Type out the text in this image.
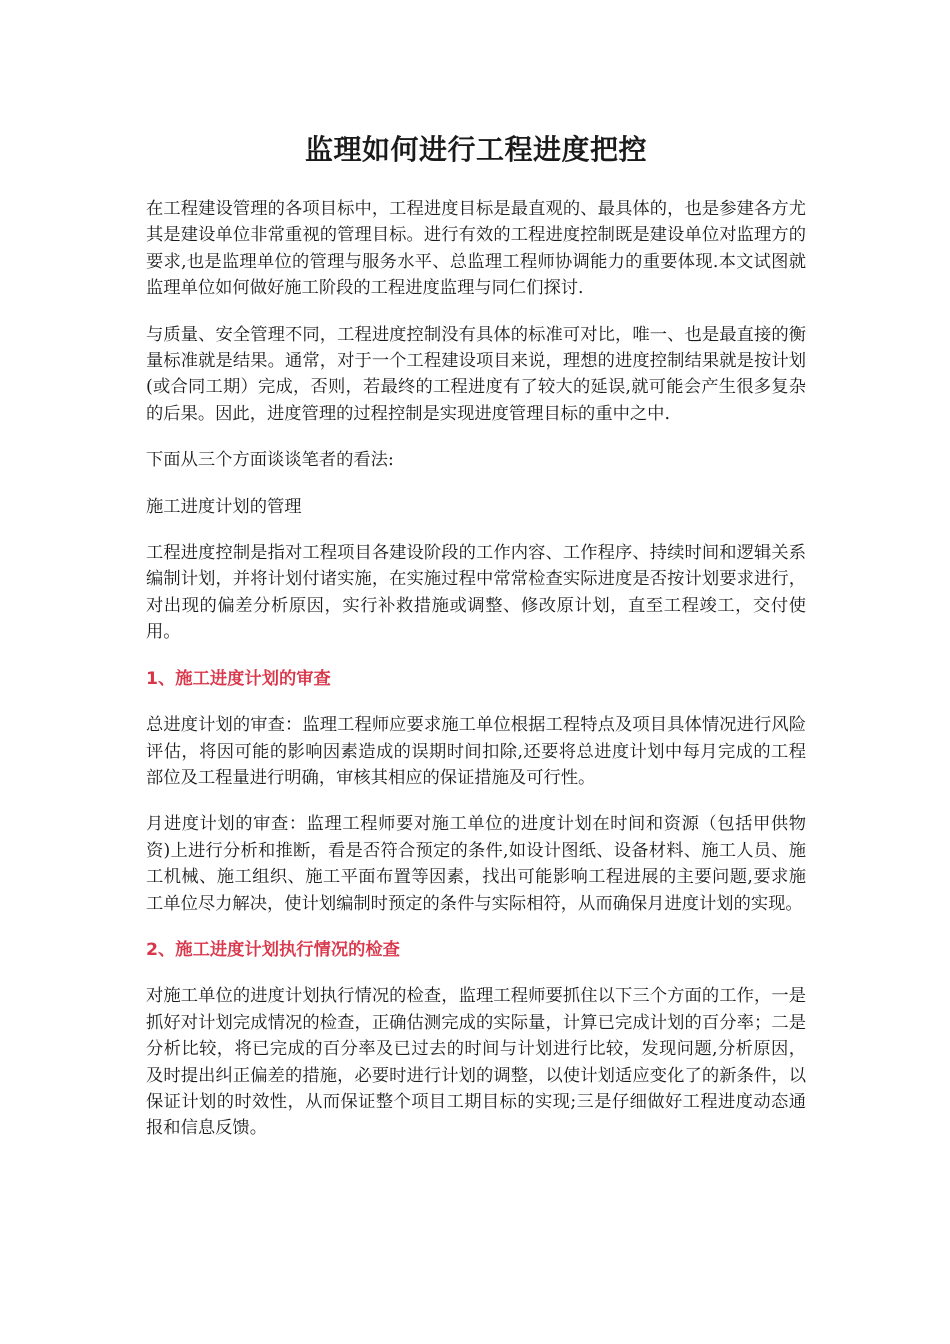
监理如何进行工程进度把控

在工程建设管理的各项目标中，工程进度目标是最直观的、最具体的，也是参建各方尤其是建设单位非常重视的管理目标。进行有效的工程进度控制既是建设单位对监理方的要求,也是监理单位的管理与服务水平、总监理工程师协调能力的重要体现.本文试图就监理单位如何做好施工阶段的工程进度监理与同仁们探讨.

与质量、安全管理不同，工程进度控制没有具体的标准可对比，唯一、也是最直接的衡量标准就是结果。通常，对于一个工程建设项目来说，理想的进度控制结果就是按计划(或合同工期）完成，否则，若最终的工程进度有了较大的延误,就可能会产生很多复杂的后果。因此，进度管理的过程控制是实现进度管理目标的重中之中.

下面从三个方面谈谈笔者的看法:

施工进度计划的管理

工程进度控制是指对工程项目各建设阶段的工作内容、工作程序、持续时间和逻辑关系编制计划，并将计划付诸实施，在实施过程中常常检查实际进度是否按计划要求进行，对出现的偏差分析原因，实行补救措施或调整、修改原计划，直至工程竣工，交付使用。

1、施工进度计划的审查

总进度计划的审查：监理工程师应要求施工单位根据工程特点及项目具体情况进行风险评估，将因可能的影响因素造成的误期时间扣除,还要将总进度计划中每月完成的工程部位及工程量进行明确，审核其相应的保证措施及可行性。

月进度计划的审查：监理工程师要对施工单位的进度计划在时间和资源（包括甲供物资)上进行分析和推断，看是否符合预定的条件,如设计图纸、设备材料、施工人员、施工机械、施工组织、施工平面布置等因素，找出可能影响工程进展的主要问题,要求施工单位尽力解决，使计划编制时预定的条件与实际相符，从而确保月进度计划的实现。

2、施工进度计划执行情况的检查

对施工单位的进度计划执行情况的检查，监理工程师要抓住以下三个方面的工作，一是抓好对计划完成情况的检查，正确估测完成的实际量，计算已完成计划的百分率；二是分析比较，将已完成的百分率及已过去的时间与计划进行比较，发现问题,分析原因，及时提出纠正偏差的措施，必要时进行计划的调整，以使计划适应变化了的新条件，以保证计划的时效性，从而保证整个项目工期目标的实现;三是仔细做好工程进度动态通报和信息反馈。
